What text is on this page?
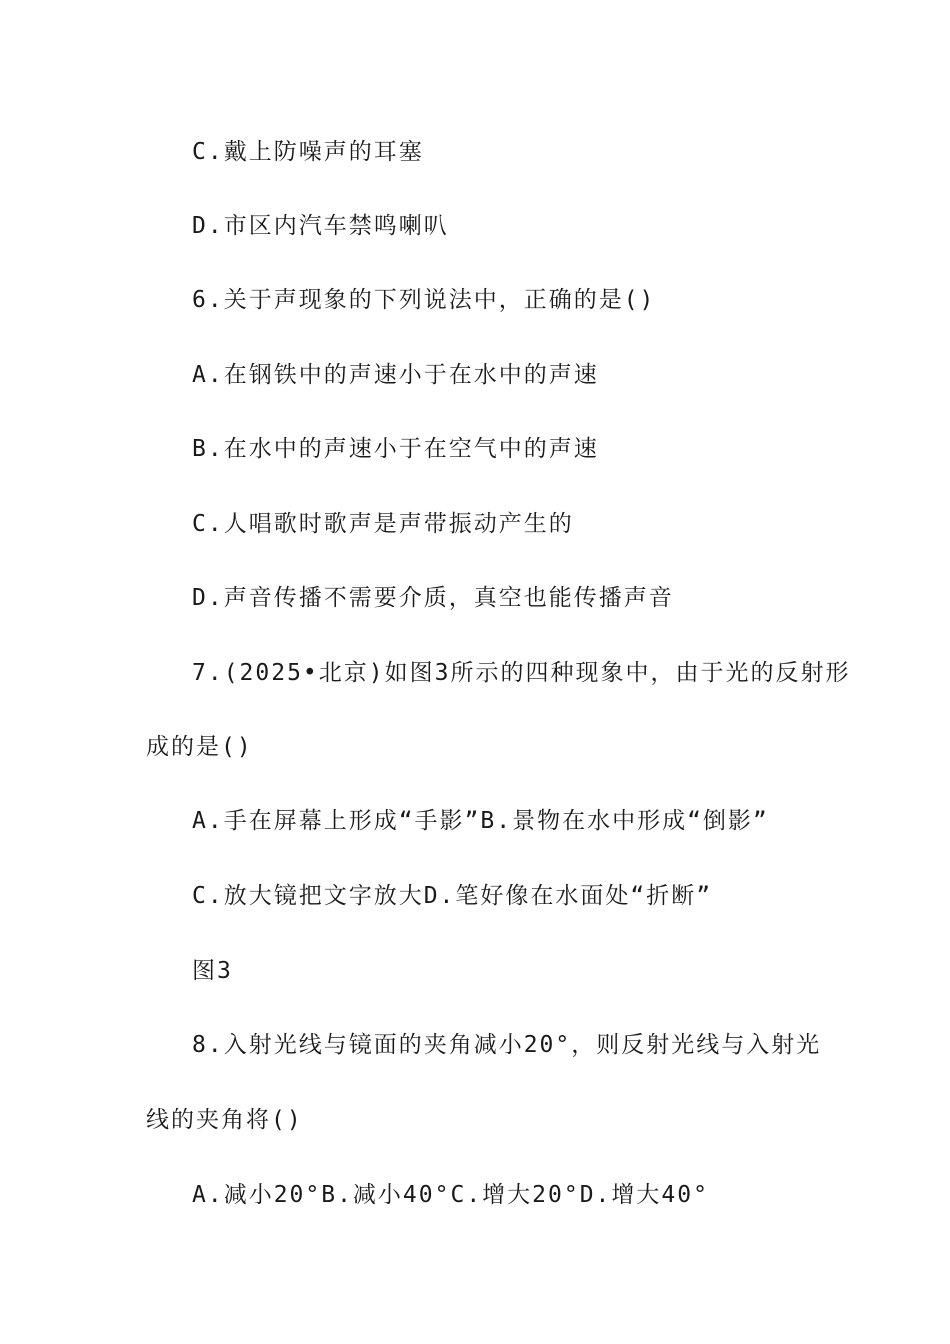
C.戴上防噪声的耳塞
D.市区内汽车禁鸣喇叭
6.关于声现象的下列说法中，正确的是()
A.在钢铁中的声速小于在水中的声速
B.在水中的声速小于在空气中的声速
C.人唱歌时歌声是声带振动产生的
D.声音传播不需要介质，真空也能传播声音
7.(2025•北京)如图3所示的四种现象中，由于光的反射形
成的是()
A.手在屏幕上形成“手影”B.景物在水中形成“倒影”
C.放大镜把文字放大D.笔好像在水面处“折断”
图3
8.入射光线与镜面的夹角减小20°，则反射光线与入射光
线的夹角将()
A.减小20°B.减小40°C.增大20°D.增大40°
